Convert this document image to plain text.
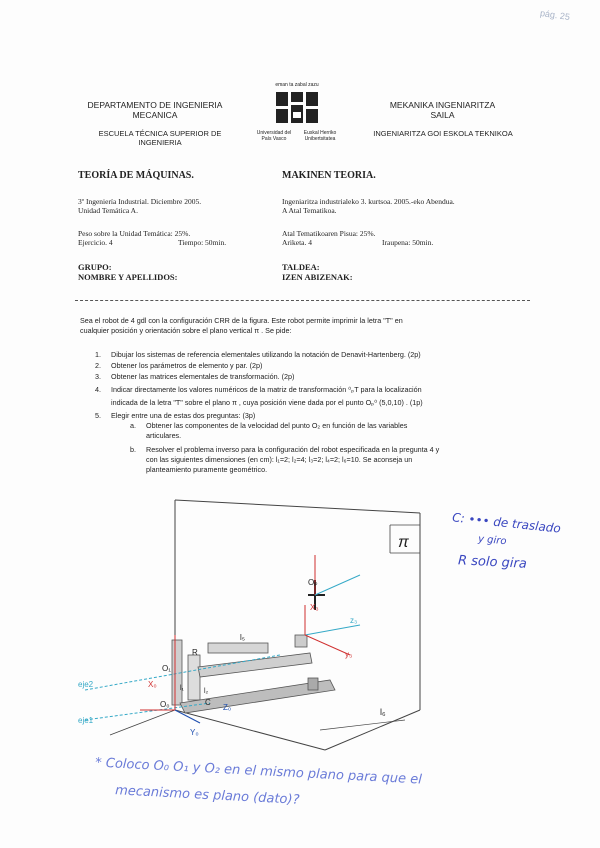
pág. 25
DEPARTAMENTO DE INGENIERIA
MECANICA
ESCUELA TÉCNICA SUPERIOR DE
INGENIERIA
eman ta zabal zazu
Universidad del
País Vasco
Euskal Herriko
Unibertsitatea
MEKANIKA INGENIARITZA
SAILA
INGENIARITZA GOI ESKOLA TEKNIKOA
TEORÍA DE MÁQUINAS.	MAKINEN TEORIA.
3º Ingeniería Industrial. Diciembre 2005.
Unidad Temática A.
Peso sobre la Unidad Temática: 25%.
Ejercicio. 4	Tiempo: 50min.
GRUPO:
NOMBRE Y APELLIDOS:
Ingeniaritza industrialeko 3. kurtsoa. 2005.-eko Abendua.
A Atal Tematikoa.
Atal Tematikoaren Pisua: 25%.
Ariketa. 4	Iraupena: 50min.
TALDEA:
IZEN ABIZENAK:
Sea el robot de 4 gdl con la configuración CRR de la figura. Este robot permite imprimir la letra "T" en
cualquier posición y orientación sobre el plano vertical π . Se pide:
1. Dibujar los sistemas de referencia elementales utilizando la notación de Denavit-Hartenberg. (2p)
2. Obtener los parámetros de elemento y par. (2p)
3. Obtener las matrices elementales de transformación. (2p)
4. Indicar directamente los valores numéricos de la matriz de transformación ⁰ₚT para la localización
indicada de la letra "T" sobre el plano π , cuya posición viene dada por el punto Oₚ⁰ (5,0,10) . (1p)
5. Elegir entre una de estas dos preguntas: (3p)
a. Obtener las componentes de la velocidad del punto O₂ en función de las variables
articulares.
b. Resolver el problema inverso para la configuración del robot especificada en la pregunta 4 y
con las siguientes dimensiones (en cm): l₁=2; l₂=4; l₃=2; l₄=2; l₆=10. Se aconseja un
planteamiento puramente geométrico.
π
l₆
eje2
eje1
l₅
O₀
O₁
X₀
Y₀
Z₀
l₁	l₂
R
C
Oₚ
X₃
y₃
z₃
C: ••• de traslado
y giro
R solo gira
* Coloco O₀ O₁ y O₂ en el mismo plano para que el
mecanismo es plano (dato)?
